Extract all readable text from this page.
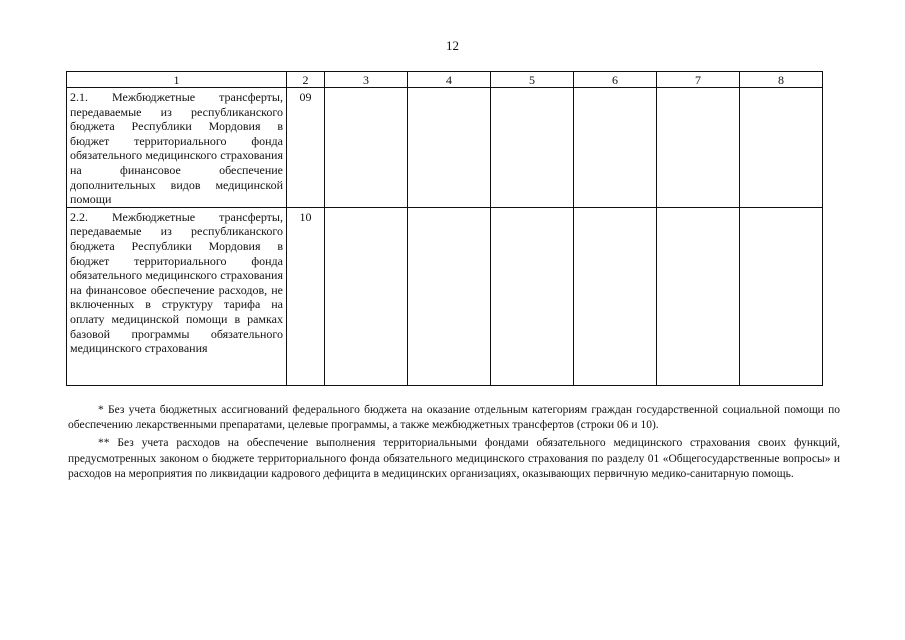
12
1	2	3	4	5	6	7	8
2.1. Межбюджетные трансферты, передаваемые из республиканского бюджета Республики Мордовия в бюджет территориального фонда обязательного медицинского страхования на финансовое обеспечение дополнительных видов медицинской помощи	09						
2.2. Межбюджетные трансферты, передаваемые из республиканского бюджета Республики Мордовия в бюджет территориального фонда обязательного медицинского страхования на финансовое обеспечение расходов, не включенных в структуру тарифа на оплату медицинской помощи в рамках базовой программы обязательного медицинского страхования	10						

* Без учета бюджетных ассигнований федерального бюджета на оказание отдельным категориям граждан государственной социальной помощи по обеспечению лекарственными препаратами, целевые программы, а также межбюджетных трансфертов (строки 06 и 10).

** Без учета расходов на обеспечение выполнения территориальными фондами обязательного медицинского страхования своих функций, предусмотренных законом о бюджете территориального фонда обязательного медицинского страхования по разделу 01 «Общегосударственные вопросы» и расходов на мероприятия по ликвидации кадрового дефицита в медицинских организациях, оказывающих первичную медико-санитарную помощь.
